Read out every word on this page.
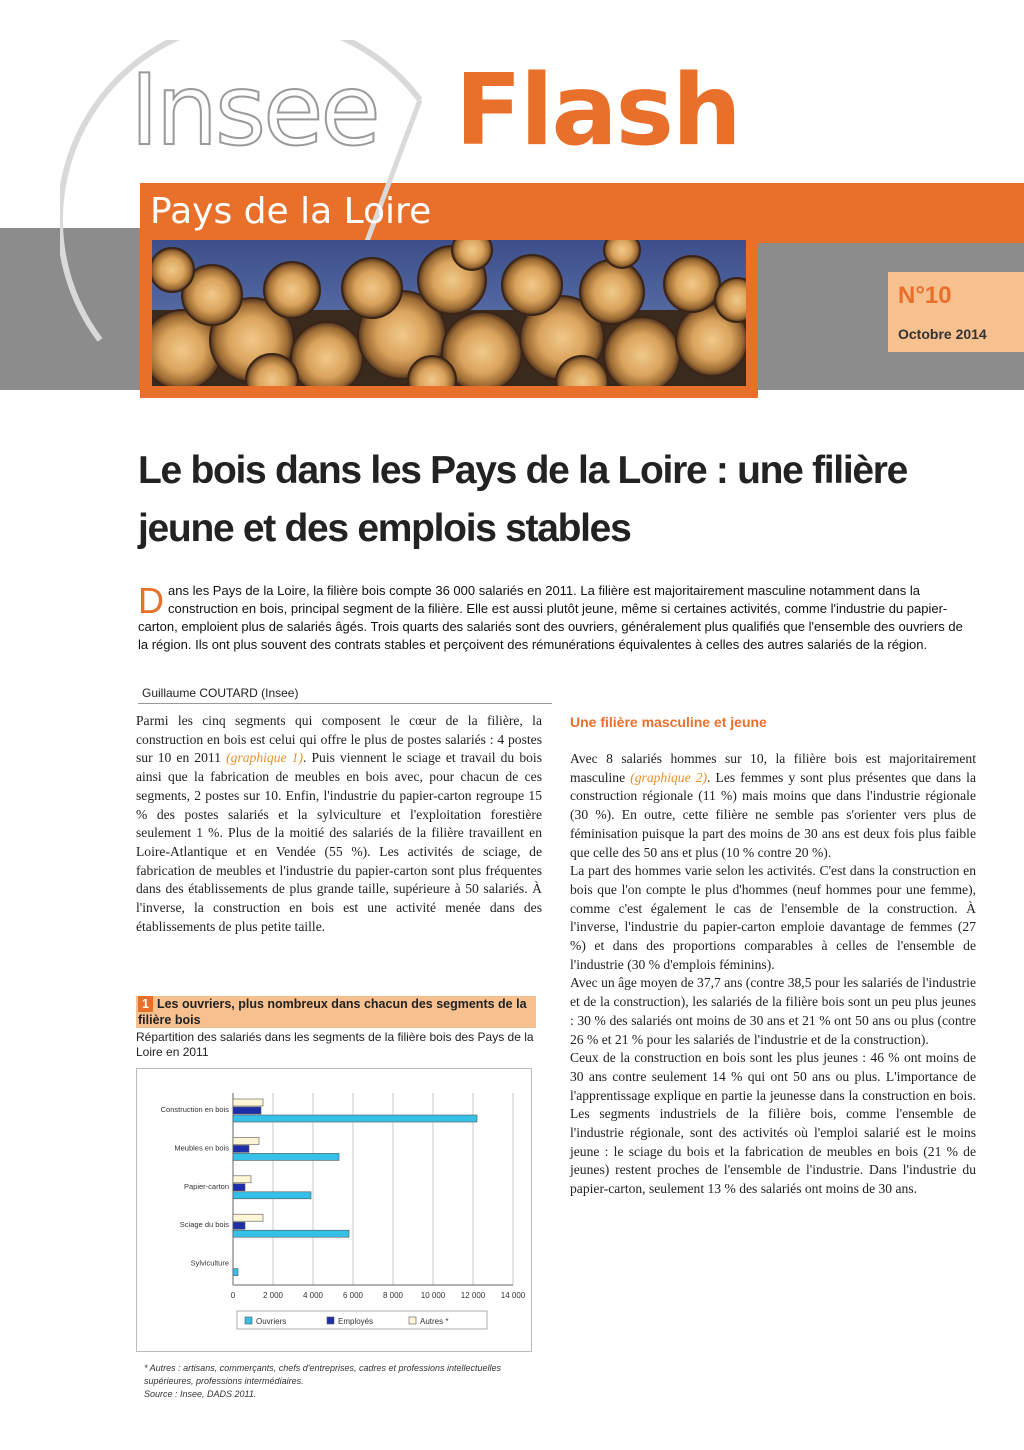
Insee Flash
Pays de la Loire
N°10
Octobre 2014
Le bois dans les Pays de la Loire : une filière jeune et des emplois stables
Dans les Pays de la Loire, la filière bois compte 36 000 salariés en 2011. La filière est majoritairement masculine notamment dans la construction en bois, principal segment de la filière. Elle est aussi plutôt jeune, même si certaines activités, comme l'industrie du papier-carton, emploient plus de salariés âgés. Trois quarts des salariés sont des ouvriers, généralement plus qualifiés que l'ensemble des ouvriers de la région. Ils ont plus souvent des contrats stables et perçoivent des rémunérations équivalentes à celles des autres salariés de la région.
Guillaume COUTARD (Insee)

Parmi les cinq segments qui composent le cœur de la filière, la construction en bois est celui qui offre le plus de postes salariés : 4 postes sur 10 en 2011 (graphique 1). Puis viennent le sciage et travail du bois ainsi que la fabrication de meubles en bois avec, pour chacun de ces segments, 2 postes sur 10. Enfin, l'industrie du papier-carton regroupe 15 % des postes salariés et la sylviculture et l'exploitation forestière seulement 1 %. Plus de la moitié des salariés de la filière travaillent en Loire-Atlantique et en Vendée (55 %). Les activités de sciage, de fabrication de meubles et l'industrie du papier-carton sont plus fréquentes dans des établissements de plus grande taille, supérieure à 50 salariés. À l'inverse, la construction en bois est une activité menée dans des établissements de plus petite taille.

Une filière masculine et jeune

Avec 8 salariés hommes sur 10, la filière bois est majoritairement masculine (graphique 2). Les femmes y sont plus présentes que dans la construction régionale (11 %) mais moins que dans l'industrie régionale (30 %). En outre, cette filière ne semble pas s'orienter vers plus de féminisation puisque la part des moins de 30 ans est deux fois plus faible que celle des 50 ans et plus (10 % contre 20 %).

La part des hommes varie selon les activités. C'est dans la construction en bois que l'on compte le plus d'hommes (neuf hommes pour une femme), comme c'est également le cas de l'ensemble de la construction. À l'inverse, l'industrie du papier-carton emploie davantage de femmes (27 %) et dans des proportions comparables à celles de l'ensemble de l'industrie (30 % d'emplois féminins).

Avec un âge moyen de 37,7 ans (contre 38,5 pour les salariés de l'industrie et de la construction), les salariés de la filière bois sont un peu plus jeunes : 30 % des salariés ont moins de 30 ans et 21 % ont 50 ans ou plus (contre 26 % et 21 % pour les salariés de l'industrie et de la construction).

Ceux de la construction en bois sont les plus jeunes : 46 % ont moins de 30 ans contre seulement 14 % qui ont 50 ans ou plus. L'importance de l'apprentissage explique en partie la jeunesse dans la construction en bois. Les segments industriels de la filière bois, comme l'ensemble de l'industrie régionale, sont des activités où l'emploi salarié est le moins jeune : le sciage du bois et la fabrication de meubles en bois (21 % de jeunes) restent proches de l'ensemble de l'industrie. Dans l'industrie du papier-carton, seulement 13 % des salariés ont moins de 30 ans.

1 Les ouvriers, plus nombreux dans chacun des segments de la filière bois
Répartition des salariés dans les segments de la filière bois des Pays de la Loire en 2011
0	2 000 4 000 6 000 8 000 10 000 12 000 14 000
Construction en bois
Meubles en bois
Papier-carton
Sciage du bois
Sylviculture
Ouvriers	Employés	Autres *
* Autres : artisans, commerçants, chefs d'entreprises, cadres et professions intellectuelles supérieures, professions intermédiaires.
Source : Insee, DADS 2011.
